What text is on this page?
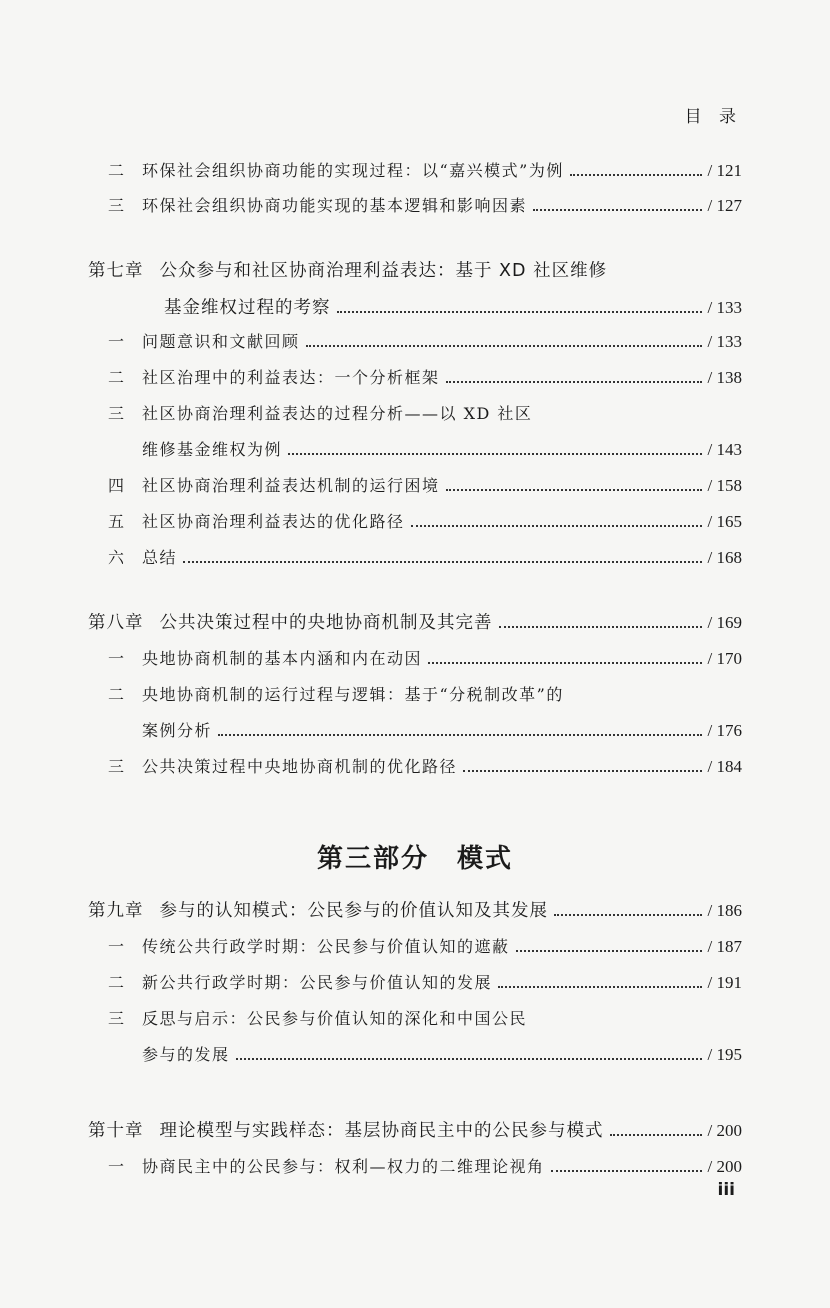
目 录
二	环保社会组织协商功能的实现过程：以“嘉兴模式”为例	/ 121
三	环保社会组织协商功能实现的基本逻辑和影响因素	/ 127
第七章 公众参与和社区协商治理利益表达：基于 XD 社区维修
基金维权过程的考察	/ 133
一	问题意识和文献回顾	/ 133
二	社区治理中的利益表达：一个分析框架	/ 138
三	社区协商治理利益表达的过程分析——以 XD 社区
维修基金维权为例	/ 143
四	社区协商治理利益表达机制的运行困境	/ 158
五	社区协商治理利益表达的优化路径	/ 165
六	总结	/ 168
第八章 公共决策过程中的央地协商机制及其完善	/ 169
一	央地协商机制的基本内涵和内在动因	/ 170
二	央地协商机制的运行过程与逻辑：基于“分税制改革”的
案例分析	/ 176
三	公共决策过程中央地协商机制的优化路径	/ 184
第九章 参与的认知模式：公民参与的价值认知及其发展	/ 186
一	传统公共行政学时期：公民参与价值认知的遮蔽	/ 187
二	新公共行政学时期：公民参与价值认知的发展	/ 191
三	反思与启示：公民参与价值认知的深化和中国公民
参与的发展	/ 195
第十章 理论模型与实践样态：基层协商民主中的公民参与模式	/ 200
一	协商民主中的公民参与：权利—权力的二维理论视角	/ 200
第三部分　模式
iii
